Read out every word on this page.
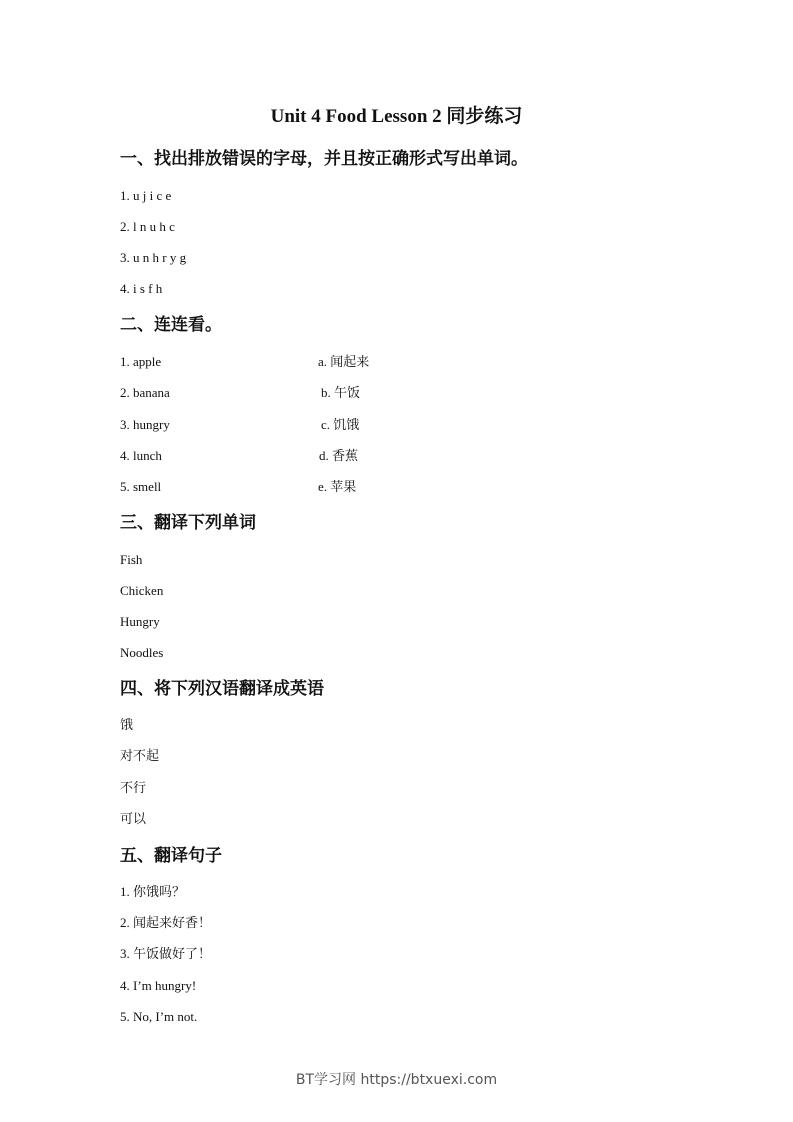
Unit 4 Food Lesson 2 同步练习
一、找出排放错误的字母，并且按正确形式写出单词。
1. u j i c e
2. l n u h c
3. u n h r y g
4. i s f h
二、连连看。
1. apple
2. banana
3. hungry
4. lunch
5. smell
a. 闻起来
b. 午饭
c. 饥饿
d. 香蕉
e. 苹果
三、翻译下列单词
Fish
Chicken
Hungry
Noodles
四、将下列汉语翻译成英语
饿
对不起
不行
可以
五、翻译句子
1. 你饿吗？
2. 闻起来好香！
3. 午饭做好了！
4. I’m hungry!
5. No, I’m not.
BT学习网 https://btxuexi.com
